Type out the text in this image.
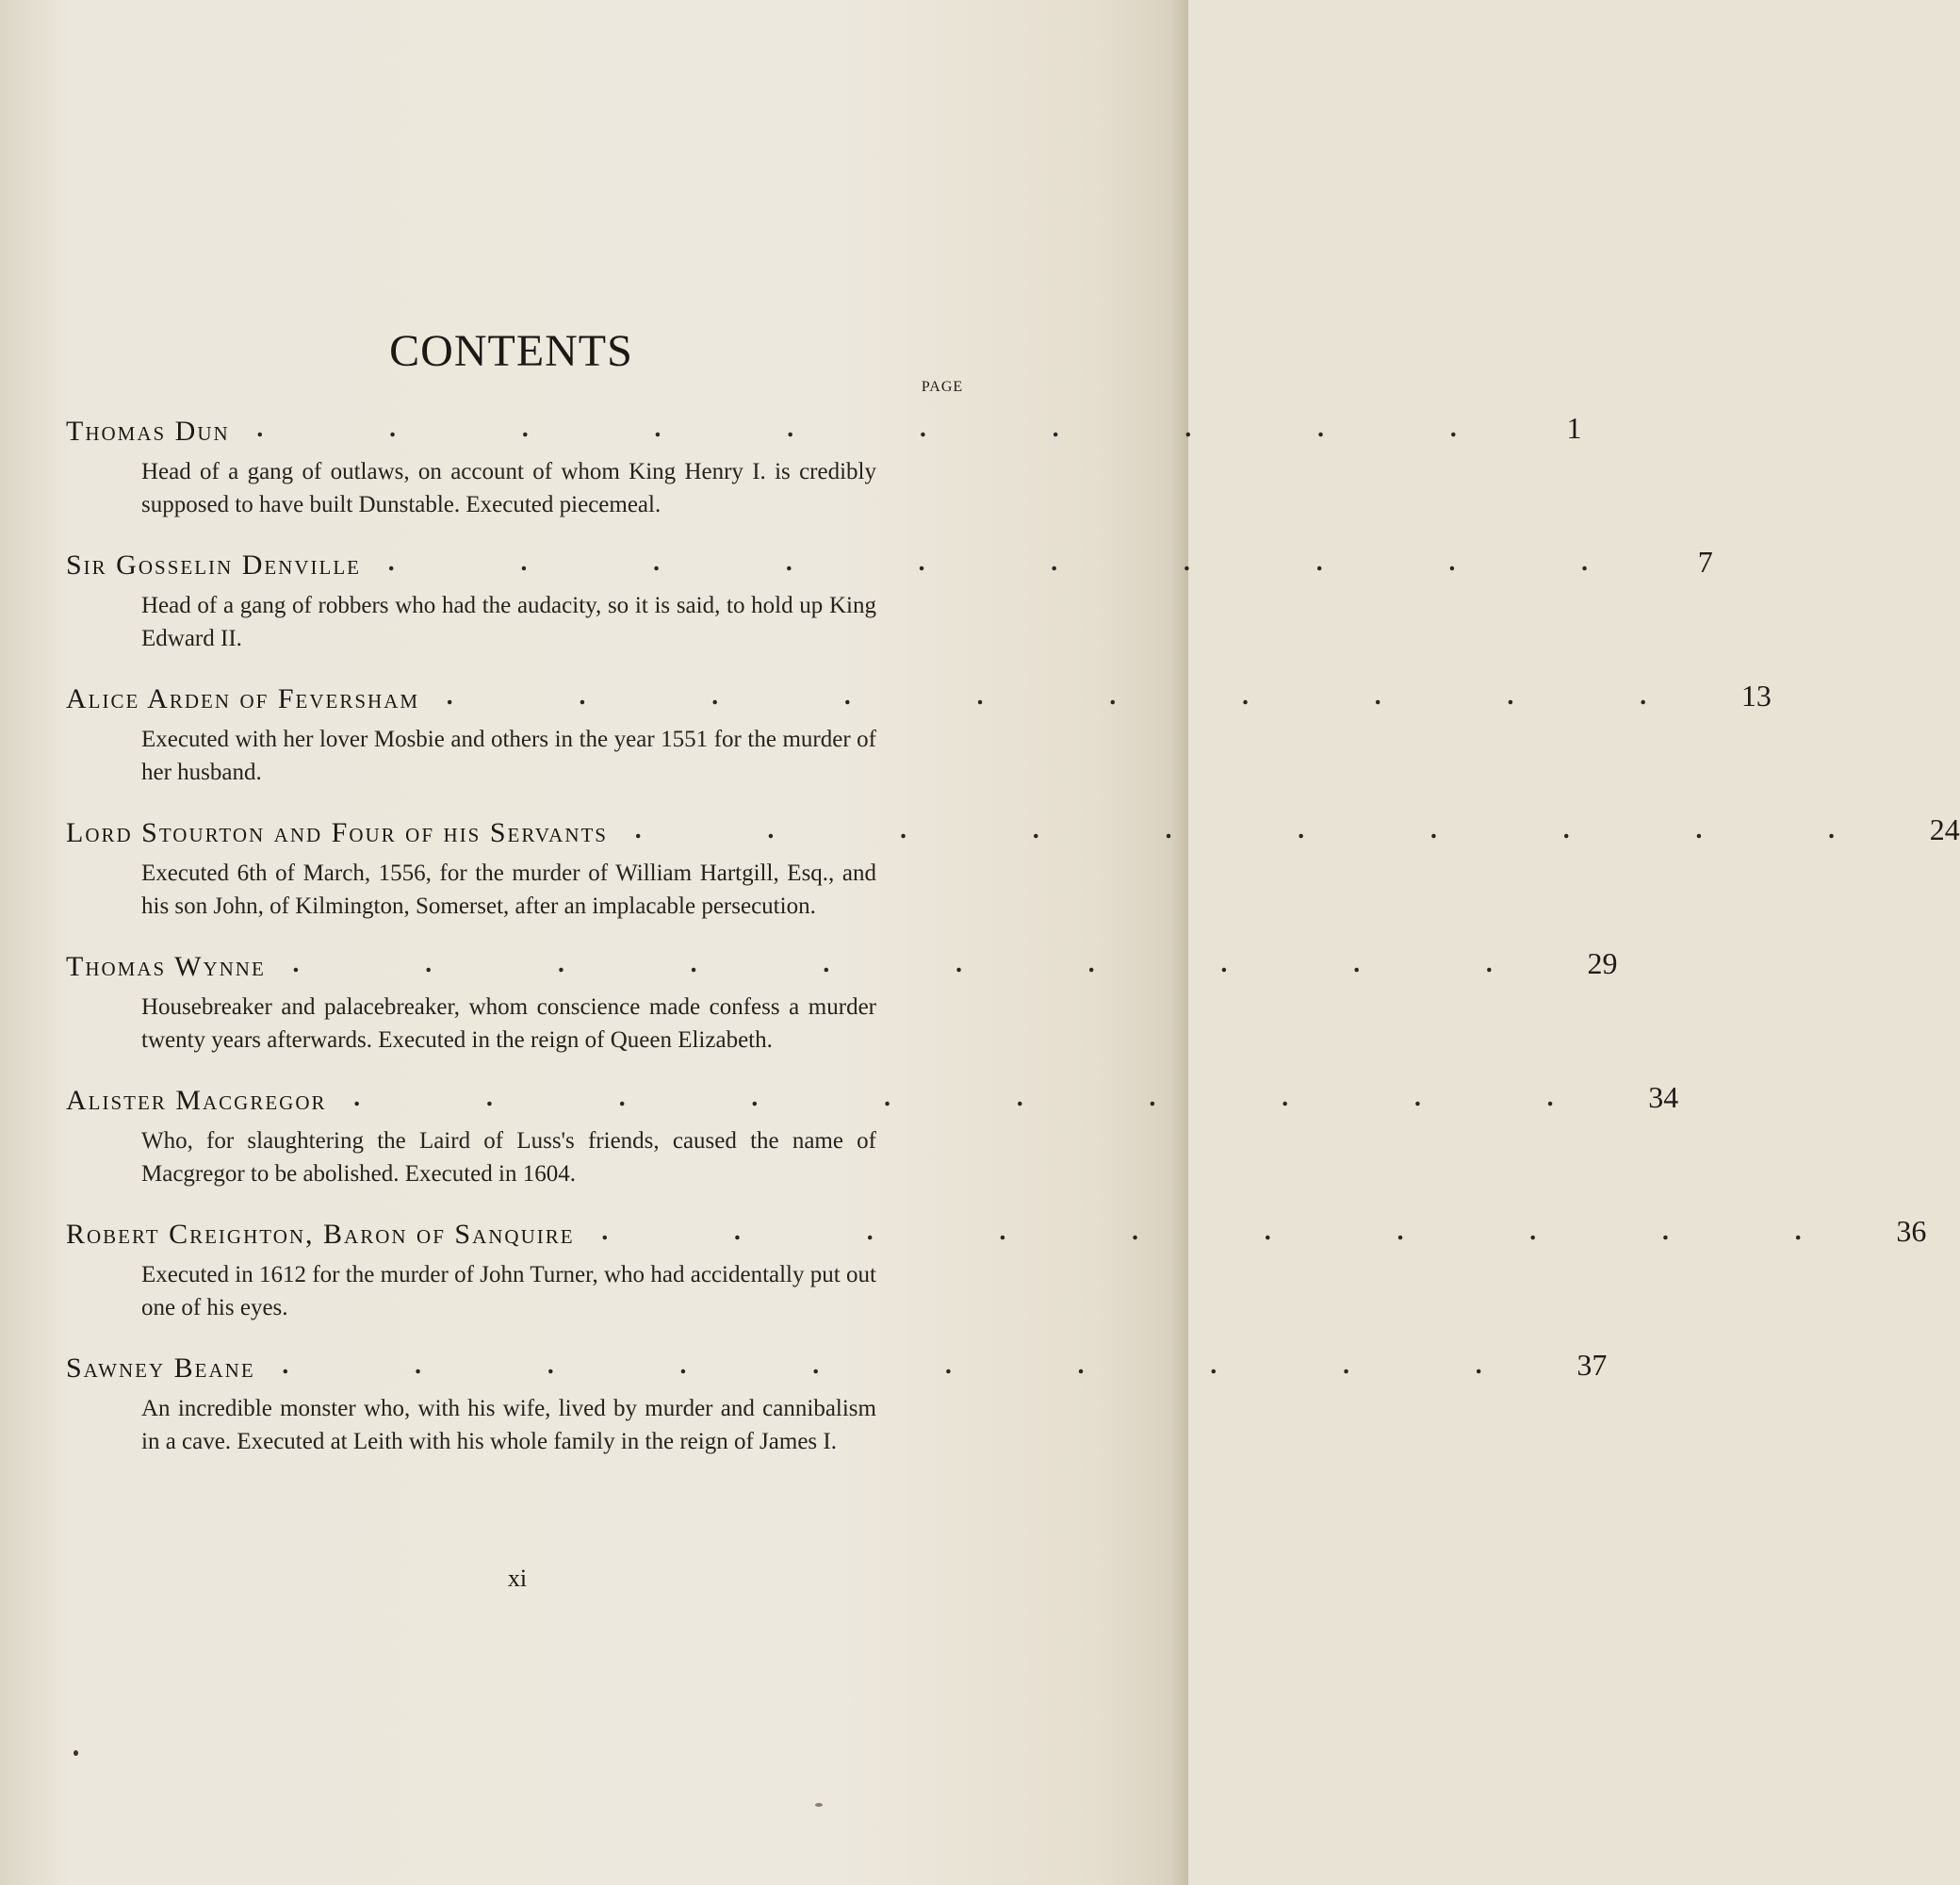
CONTENTS
PAGE
Thomas Dun . . . . . . . . . .	1
Head of a gang of outlaws, on account of whom King Henry I. is credibly supposed to have built Dunstable. Executed piecemeal.
Sir Gosselin Denville . . . . . . . . . .	7
Head of a gang of robbers who had the audacity, so it is said, to hold up King Edward II.
Alice Arden of Feversham . . . . . . . . . .	13
Executed with her lover Mosbie and others in the year 1551 for the murder of her husband.
Lord Stourton and Four of his Servants . . . . . . . . . .	24
Executed 6th of March, 1556, for the murder of William Hartgill, Esq., and his son John, of Kilmington, Somerset, after an implacable persecution.
Thomas Wynne . . . . . . . . . .	29
Housebreaker and palacebreaker, whom conscience made confess a murder twenty years afterwards. Executed in the reign of Queen Elizabeth.
Alister Macgregor . . . . . . . . . .	34
Who, for slaughtering the Laird of Luss's friends, caused the name of Macgregor to be abolished. Executed in 1604.
Robert Creighton, Baron of Sanquire . . . . . . . . . .	36
Executed in 1612 for the murder of John Turner, who had accidentally put out one of his eyes.
Sawney Beane . . . . . . . . . .	37
An incredible monster who, with his wife, lived by murder and cannibalism in a cave. Executed at Leith with his whole family in the reign of James I.
xi
